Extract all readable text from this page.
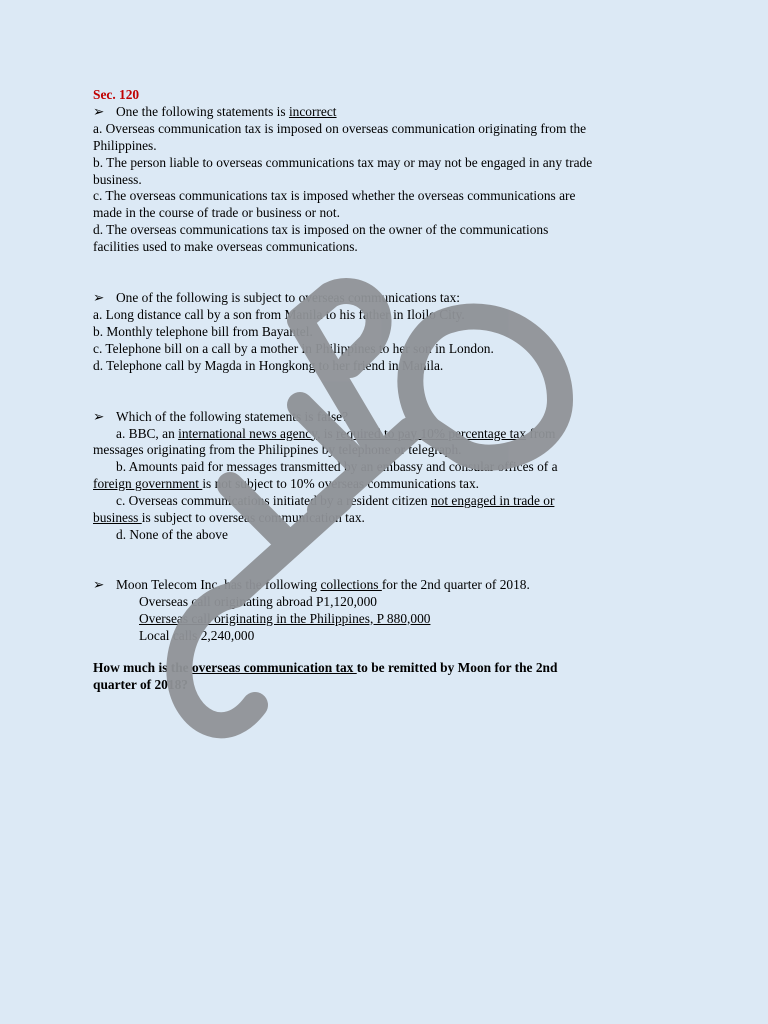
Sec. 120
➢ One the following statements is incorrect
a. Overseas communication tax is imposed on overseas communication originating from the
Philippines.
b. The person liable to overseas communications tax may or may not be engaged in any trade
business.
c. The overseas communications tax is imposed whether the overseas communications are
made in the course of trade or business or not.
d. The overseas communications tax is imposed on the owner of the communications
facilities used to make overseas communications.
➢ One of the following is subject to overseas communications tax:
a. Long distance call by a son from Manila to his father in Iloilo City.
b. Monthly telephone bill from Bayantel.
c. Telephone bill on a call by a mother in Philippines to her son in London.
d. Telephone call by Magda in Hongkong to her friend in Manila.
➢ Which of the following statements is false?
a. BBC, an international news agency, is required to pay 10% percentage tax from
messages originating from the Philippines by telephone or telegraph.
b. Amounts paid for messages transmitted by an embassy and consular offices of a
foreign government is not subject to 10% overseas communications tax.
c. Overseas communications initiated by a resident citizen not engaged in trade or
business is subject to overseas communication tax.
d. None of the above
➢ Moon Telecom Inc. has the following collections for the 2nd quarter of 2018.
Overseas call originating abroad P1,120,000
Overseas call originating in the Philippines, P 880,000
Local calls 2,240,000
How much is the overseas communication tax to be remitted by Moon for the 2nd
quarter of 2018?
